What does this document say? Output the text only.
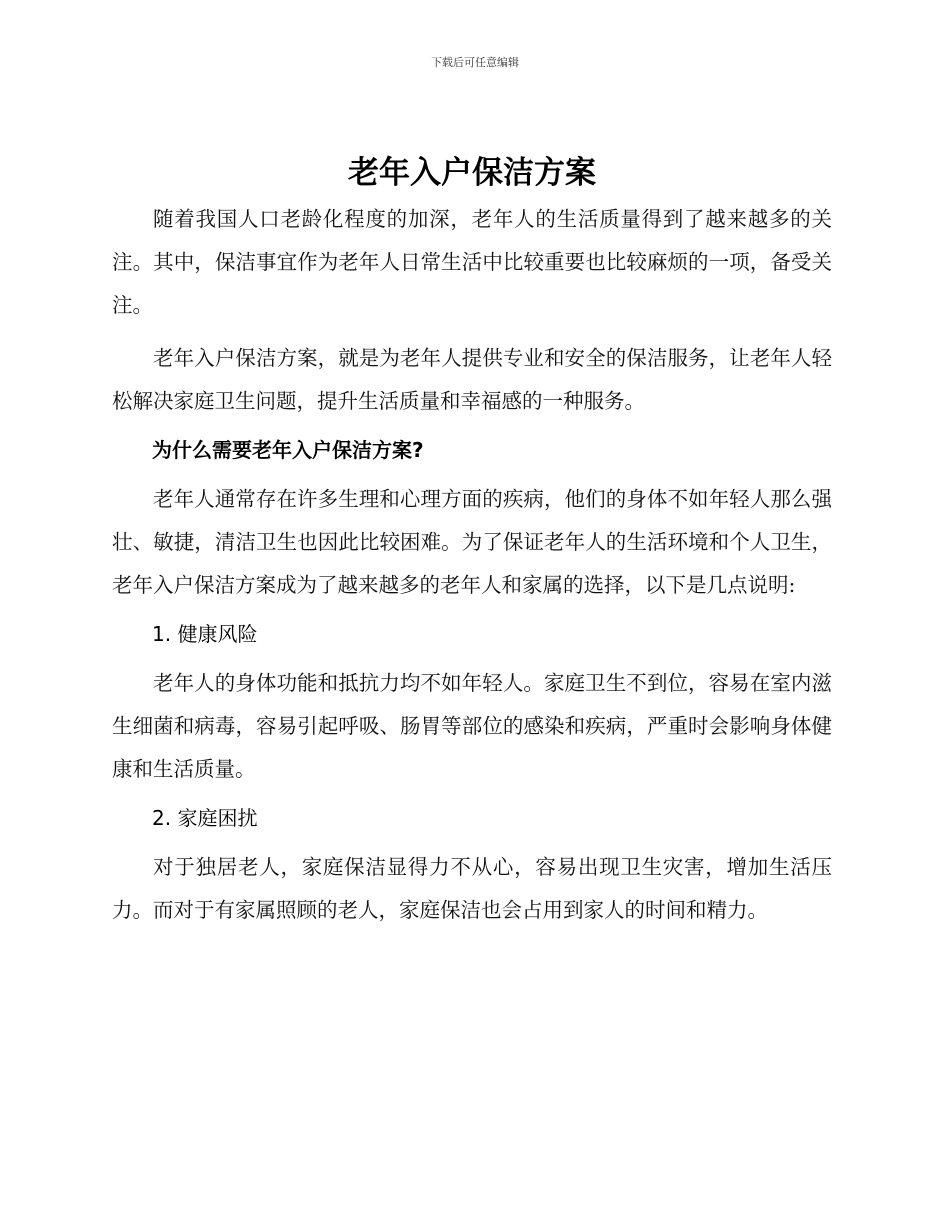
下载后可任意编辑
老年入户保洁方案

随着我国人口老龄化程度的加深，老年人的生活质量得到了越来越多的关注。其中，保洁事宜作为老年人日常生活中比较重要也比较麻烦的一项，备受关注。

老年入户保洁方案，就是为老年人提供专业和安全的保洁服务，让老年人轻松解决家庭卫生问题，提升生活质量和幸福感的一种服务。

为什么需要老年入户保洁方案?

老年人通常存在许多生理和心理方面的疾病，他们的身体不如年轻人那么强壮、敏捷，清洁卫生也因此比较困难。为了保证老年人的生活环境和个人卫生，老年入户保洁方案成为了越来越多的老年人和家属的选择，以下是几点说明:

1. 健康风险

老年人的身体功能和抵抗力均不如年轻人。家庭卫生不到位，容易在室内滋生细菌和病毒，容易引起呼吸、肠胃等部位的感染和疾病，严重时会影响身体健康和生活质量。

2. 家庭困扰

对于独居老人，家庭保洁显得力不从心，容易出现卫生灾害，增加生活压力。而对于有家属照顾的老人，家庭保洁也会占用到家人的时间和精力。
